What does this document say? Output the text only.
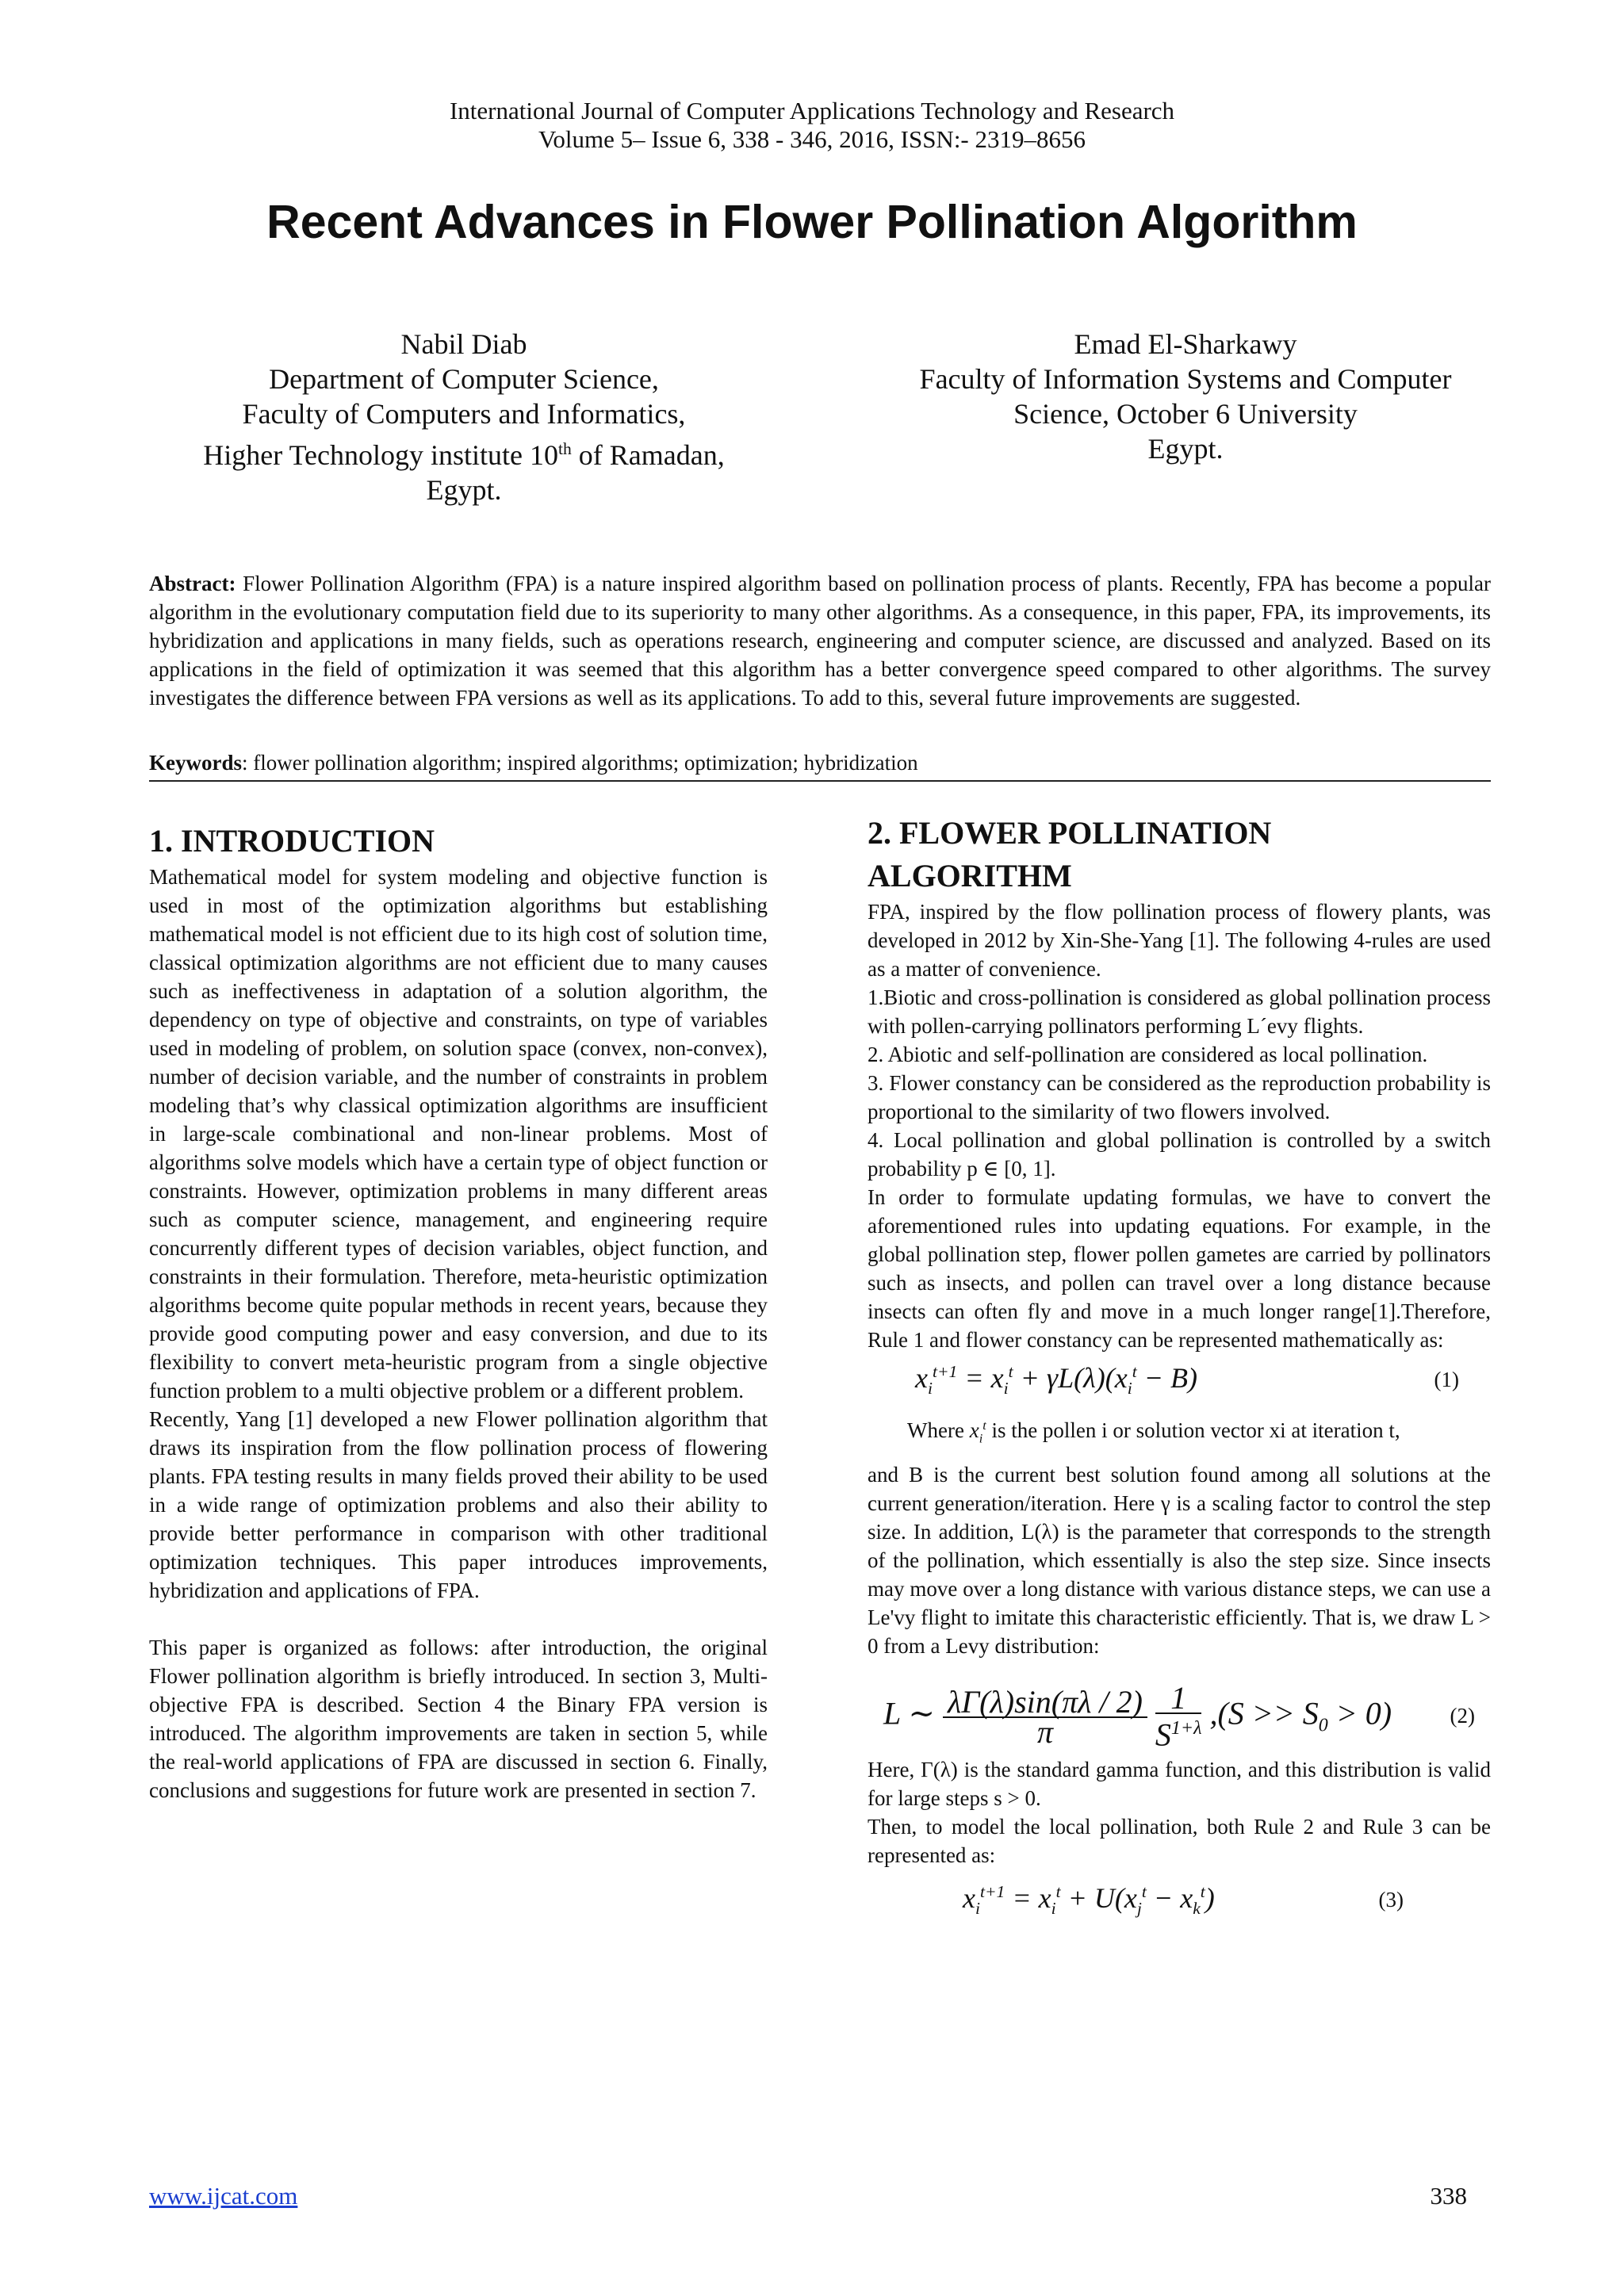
International Journal of Computer Applications Technology and Research
Volume 5– Issue 6, 338 - 346, 2016, ISSN:- 2319–8656
Recent Advances in Flower Pollination Algorithm
Nabil Diab
Department of Computer Science,
Faculty of Computers and Informatics,
Higher Technology institute 10th of Ramadan,
Egypt.
Emad El-Sharkawy
Faculty of Information Systems and Computer
Science, October 6 University
Egypt.
Abstract: Flower Pollination Algorithm (FPA) is a nature inspired algorithm based on pollination process of plants. Recently, FPA has become a popular algorithm in the evolutionary computation field due to its superiority to many other algorithms. As a consequence, in this paper, FPA, its improvements, its hybridization and applications in many fields, such as operations research, engineering and computer science, are discussed and analyzed. Based on its applications in the field of optimization it was seemed that this algorithm has a better convergence speed compared to other algorithms. The survey investigates the difference between FPA versions as well as its applications. To add to this, several future improvements are suggested.
Keywords: flower pollination algorithm; inspired algorithms; optimization; hybridization
1. INTRODUCTION

Mathematical model for system modeling and objective function is used in most of the optimization algorithms but establishing mathematical model is not efficient due to its high cost of solution time, classical optimization algorithms are not efficient due to many causes such as ineffectiveness in adaptation of a solution algorithm, the dependency on type of objective and constraints, on type of variables used in modeling of problem, on solution space (convex, non-convex), number of decision variable, and the number of constraints in problem modeling that’s why classical optimization algorithms are insufficient in large-scale combinational and non-linear problems. Most of algorithms solve models which have a certain type of object function or constraints. However, optimization problems in many different areas such as computer science, management, and engineering require concurrently different types of decision variables, object function, and constraints in their formulation. Therefore, meta-heuristic optimization algorithms become quite popular methods in recent years, because they provide good computing power and easy conversion, and due to its flexibility to convert meta-heuristic program from a single objective function problem to a multi objective problem or a different problem.

Recently, Yang [1] developed a new Flower pollination algorithm that draws its inspiration from the flow pollination process of flowering plants. FPA testing results in many fields proved their ability to be used in a wide range of optimization problems and also their ability to provide better performance in comparison with other traditional optimization techniques. This paper introduces improvements, hybridization and applications of FPA.

This paper is organized as follows: after introduction, the original Flower pollination algorithm is briefly introduced. In section 3, Multi-objective FPA is described. Section 4 the Binary FPA version is introduced. The algorithm improvements are taken in section 5, while the real-world applications of FPA are discussed in section 6. Finally, conclusions and suggestions for future work are presented in section 7.

2. FLOWER POLLINATION
ALGORITHM

FPA, inspired by the flow pollination process of flowery plants, was developed in 2012 by Xin-She-Yang [1]. The following 4-rules are used as a matter of convenience.

1.Biotic and cross-pollination is considered as global pollination process with pollen-carrying pollinators performing L´evy flights.

2. Abiotic and self-pollination are considered as local pollination.

3. Flower constancy can be considered as the reproduction probability is proportional to the similarity of two flowers involved.

4. Local pollination and global pollination is controlled by a switch probability p ∈ [0, 1].

In order to formulate updating formulas, we have to convert the aforementioned rules into updating equations. For example, in the global pollination step, flower pollen gametes are carried by pollinators such as insects, and pollen can travel over a long distance because insects can often fly and move in a much longer range[1].Therefore, Rule 1 and flower constancy can be represented mathematically as:

$x_i^{t+1} = x_i^t + \gamma L(\lambda)(x_i^t - B)$	(1)

Where $x_i^t$ is the pollen i or solution vector xi at iteration t,

and B is the current best solution found among all solutions at the current generation/iteration. Here γ is a scaling factor to control the step size. In addition, L(λ) is the parameter that corresponds to the strength of the pollination, which essentially is also the step size. Since insects may move over a long distance with various distance steps, we can use a Le'vy flight to imitate this characteristic efficiently. That is, we draw L > 0 from a Levy distribution:

L ∼ $\frac{\lambda\Gamma(\lambda)\sin(\pi\lambda / 2)}{\pi}$
$\frac{1}{S^{1+\lambda}} ,(S >> S_0 > 0)$	(2)

Here, Γ(λ) is the standard gamma function, and this distribution is valid for large steps s > 0.

Then, to model the local pollination, both Rule 2 and Rule 3 can be represented as:

$x_i^{t+1} = x_i^t + U(x_j^t - x_k^t)$	(3)
www.ijcat.com	338
